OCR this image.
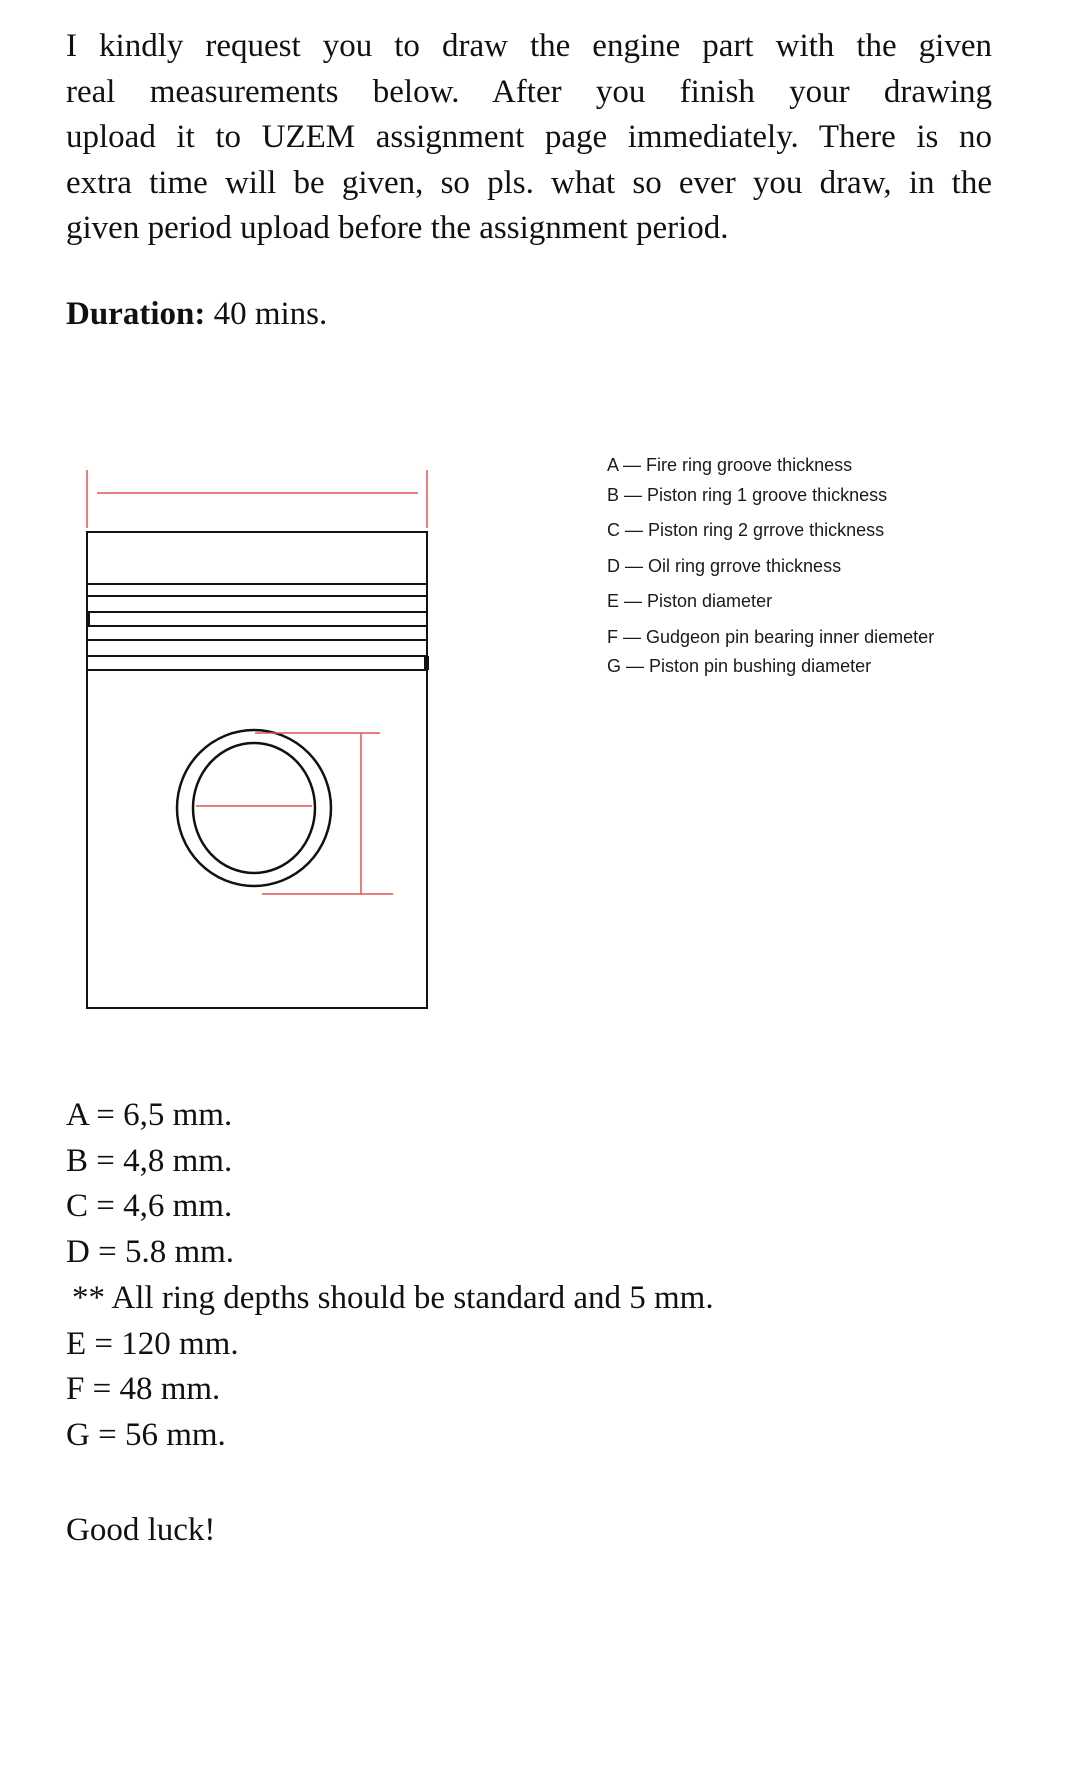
I kindly request you to draw the engine part with the given
real measurements below. After you finish your drawing
upload it to UZEM assignment page immediately. There is no
extra time will be given, so pls. what so ever you draw, in the
given period upload before the assignment period.

Duration: 40 mins.

A — Fire ring groove thickness
B — Piston ring 1 groove thickness
C — Piston ring 2 grrove thickness
D — Oil ring grrove thickness
E — Piston diameter
F — Gudgeon pin bearing inner diemeter
G — Piston pin bushing diameter
A = 6,5 mm.
B = 4,8 mm.
C = 4,6 mm.
D = 5.8 mm.
** All ring depths should be standard and 5 mm.
E = 120 mm.
F = 48 mm.
G = 56 mm.

Good luck!
